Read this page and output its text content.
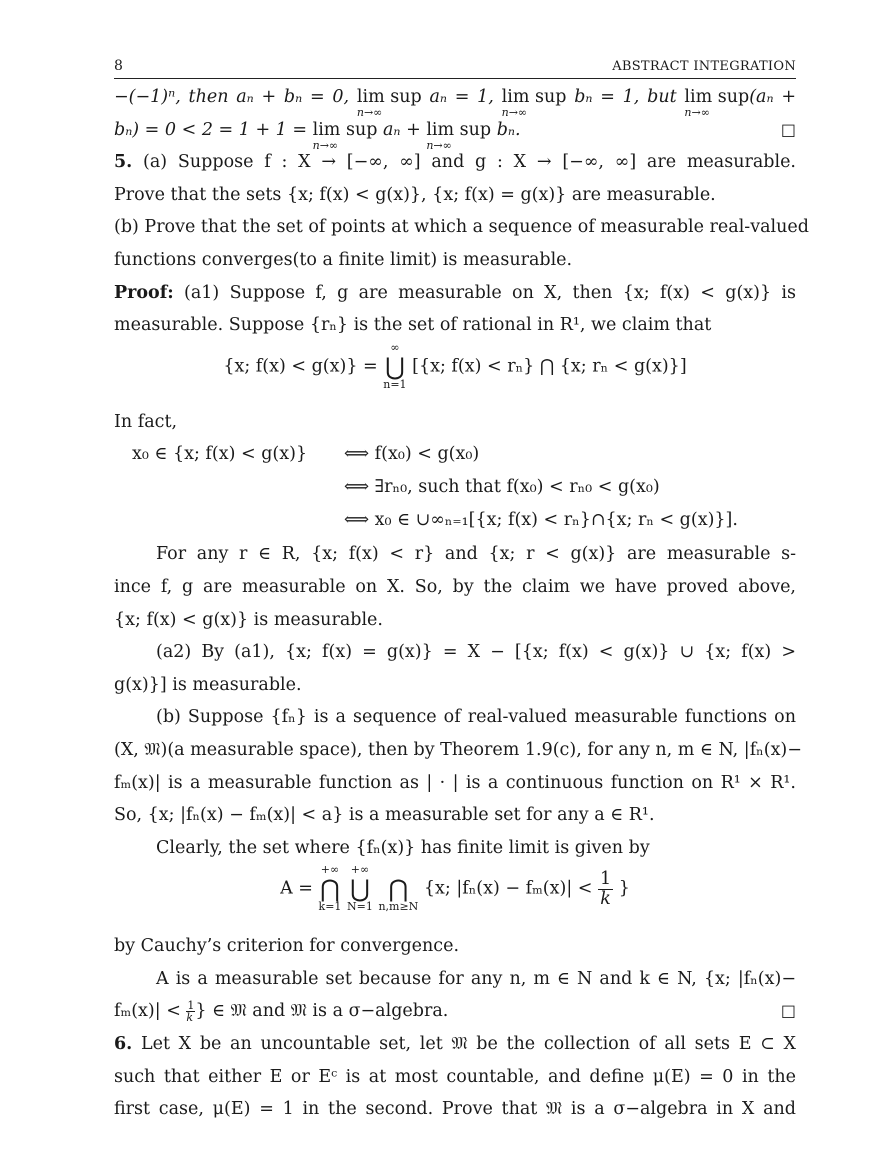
8	ABSTRACT INTEGRATION
−(−1)ⁿ, then aₙ + bₙ = 0, lim sup
n→∞
aₙ = 1, lim sup
n→∞
bₙ = 1, but lim sup
n→∞
(aₙ +
bₙ) = 0 < 2 = 1 + 1 = lim sup
n→∞
aₙ + lim sup
n→∞
bₙ.	□
5. (a) Suppose f : X → [−∞, ∞] and g : X → [−∞, ∞] are measurable.
Prove that the sets {x; f(x) < g(x)}, {x; f(x) = g(x)} are measurable.
(b) Prove that the set of points at which a sequence of measurable real-valued
functions converges(to a finite limit) is measurable.
Proof: (a1) Suppose f, g are measurable on X, then {x; f(x) < g(x)} is
measurable. Suppose {rₙ} is the set of rational in R¹, we claim that
{x; f(x) < g(x)} =
∞
⋃
n=1
[{x; f(x) < rₙ} ⋂ {x; rₙ < g(x)}]
In fact,
x₀ ∈ {x; f(x) < g(x)} ⟺ f(x₀) < g(x₀)
⟺ ∃rₙ₀, such that f(x₀) < rₙ₀ < g(x₀)
⟺ x₀ ∈ ∪∞ₙ₌₁[{x; f(x) < rₙ}∩{x; rₙ < g(x)}].
For any r ∈ R, {x; f(x) < r} and {x; r < g(x)} are measurable s-
ince f, g are measurable on X. So, by the claim we have proved above,
{x; f(x) < g(x)} is measurable.
(a2) By (a1), {x; f(x) = g(x)} = X − [{x; f(x) < g(x)} ∪ {x; f(x) >
g(x)}] is measurable.
(b) Suppose {fₙ} is a sequence of real-valued measurable functions on
(X, 𝔐)(a measurable space), then by Theorem 1.9(c), for any n, m ∈ N, |fₙ(x)−
fₘ(x)| is a measurable function as | · | is a continuous function on R¹ × R¹.
So, {x; |fₙ(x) − fₘ(x)| < a} is a measurable set for any a ∈ R¹.
Clearly, the set where {fₙ(x)} has finite limit is given by
A =
+∞
⋂
k=1

+∞
⋃
N=1

⋂
n,m≥N
{x; $|f_n(x) - f_m(x)| < \frac{1}{k}$ }
by Cauchy’s criterion for convergence.
A is a measurable set because for any n, m ∈ N and k ∈ N, {x; |fₙ(x)−
$f_m(x)| < \frac{1}{k}$} ∈ 𝔐 and 𝔐 is a σ−algebra.	□
6. Let X be an uncountable set, let 𝔐 be the collection of all sets E ⊂ X
such that either E or Eᶜ is at most countable, and define μ(E) = 0 in the
first case, μ(E) = 1 in the second. Prove that 𝔐 is a σ−algebra in X and
